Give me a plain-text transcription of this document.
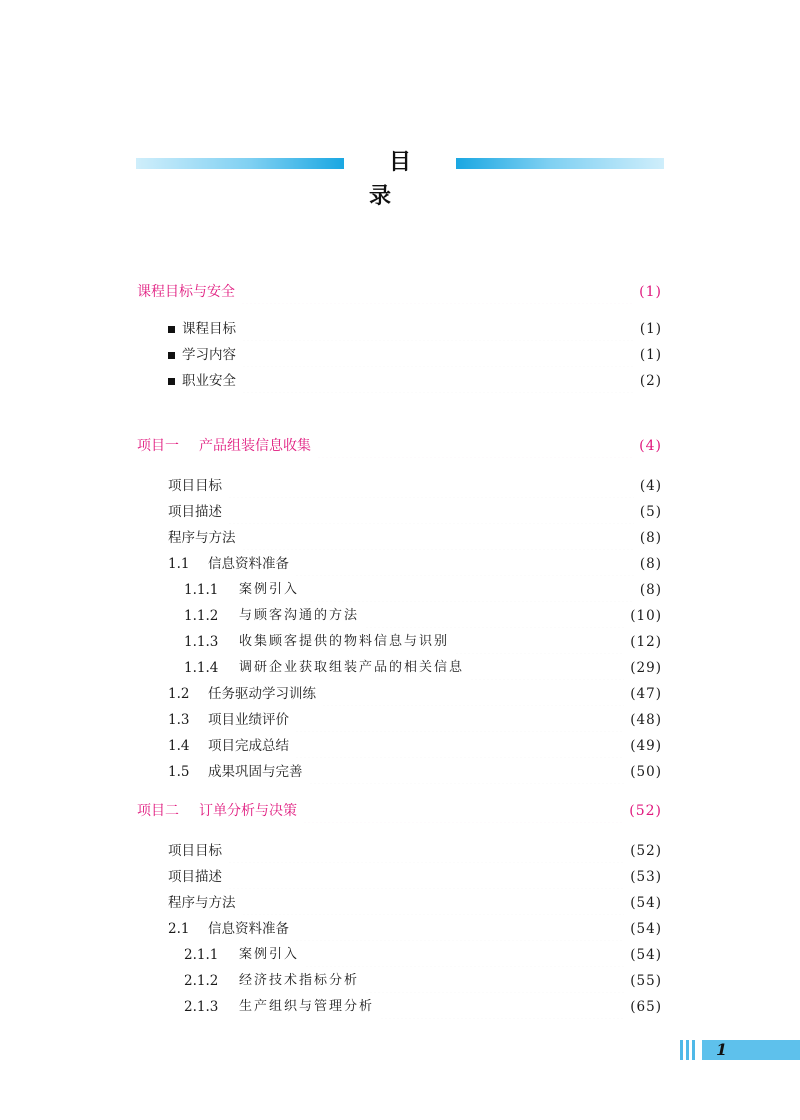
目 录
课程目标与安全	(1)
课程目标	(1)
学习内容	(1)
职业安全	(2)
项目一	产品组装信息收集	(4)
项目目标	(4)
项目描述	(5)
程序与方法	(8)
1.1	信息资料准备	(8)
1.1.1	案例引入	(8)
1.1.2	与顾客沟通的方法	(10)
1.1.3	收集顾客提供的物料信息与识别	(12)
1.1.4	调研企业获取组装产品的相关信息	(29)
1.2	任务驱动学习训练	(47)
1.3	项目业绩评价	(48)
1.4	项目完成总结	(49)
1.5	成果巩固与完善	(50)
项目二	订单分析与决策	(52)
项目目标	(52)
项目描述	(53)
程序与方法	(54)
2.1	信息资料准备	(54)
2.1.1	案例引入	(54)
2.1.2	经济技术指标分析	(55)
2.1.3	生产组织与管理分析	(65)
1
